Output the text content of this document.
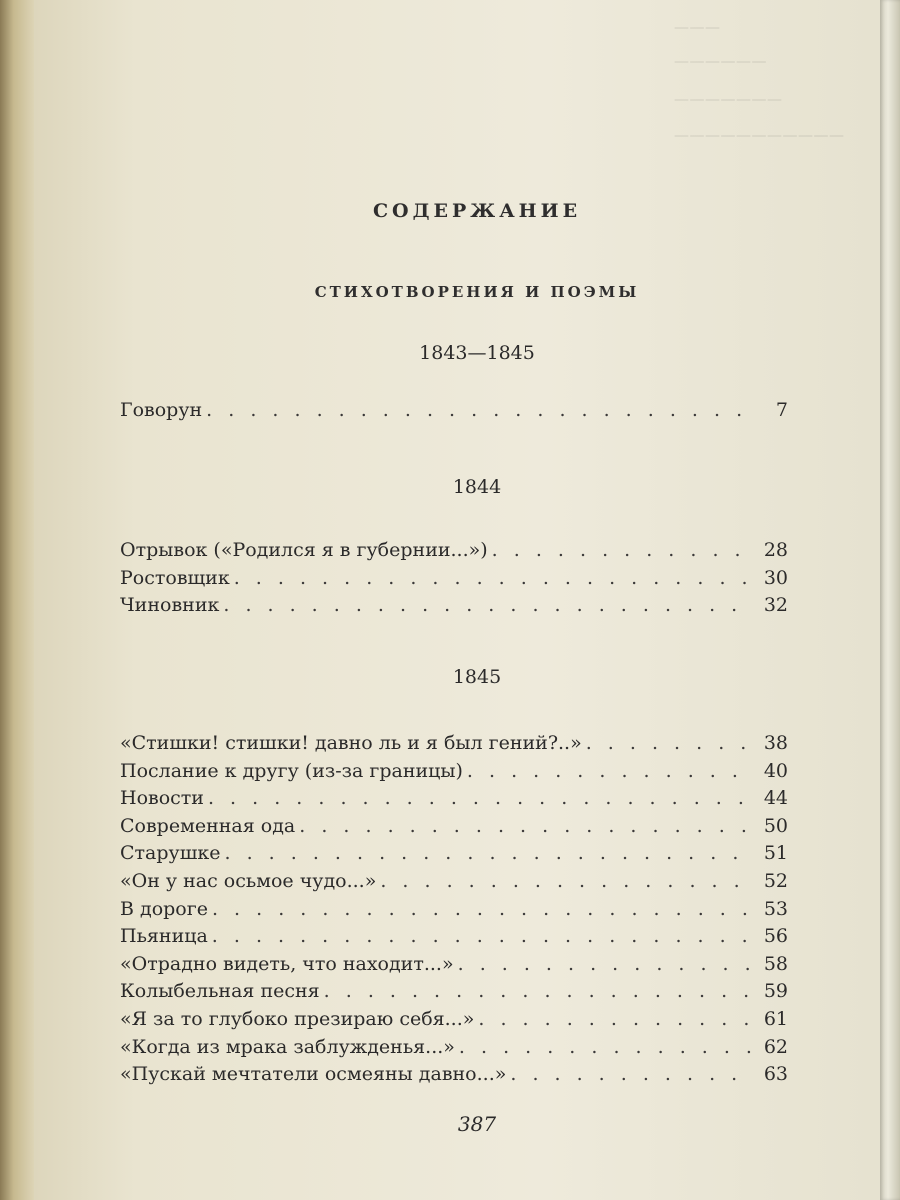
———
——————
———————
———————————
СОДЕРЖАНИЕ
СТИХОТВОРЕНИЯ И ПОЭМЫ
1843—1845
Говорун . . .	7
1844
Отрывок («Родился я в губернии...») . . .	28
Ростовщик . . .	30
Чиновник . . .	32
1845
«Стишки! стишки! давно ль и я был гений?..» . . .	38
Послание к другу (из-за границы) . . .	40
Новости . . .	44
Современная ода . . .	50
Старушке . . .	51
«Он у нас осьмое чудо...» . . .	52
В дороге . . .	53
Пьяница . . .	56
«Отрадно видеть, что находит...» . . .	58
Колыбельная песня . . .	59
«Я за то глубоко презираю себя...» . . .	61
«Когда из мрака заблужденья...» . . .	62
«Пускай мечтатели осмеяны давно...» . . .	63
387
